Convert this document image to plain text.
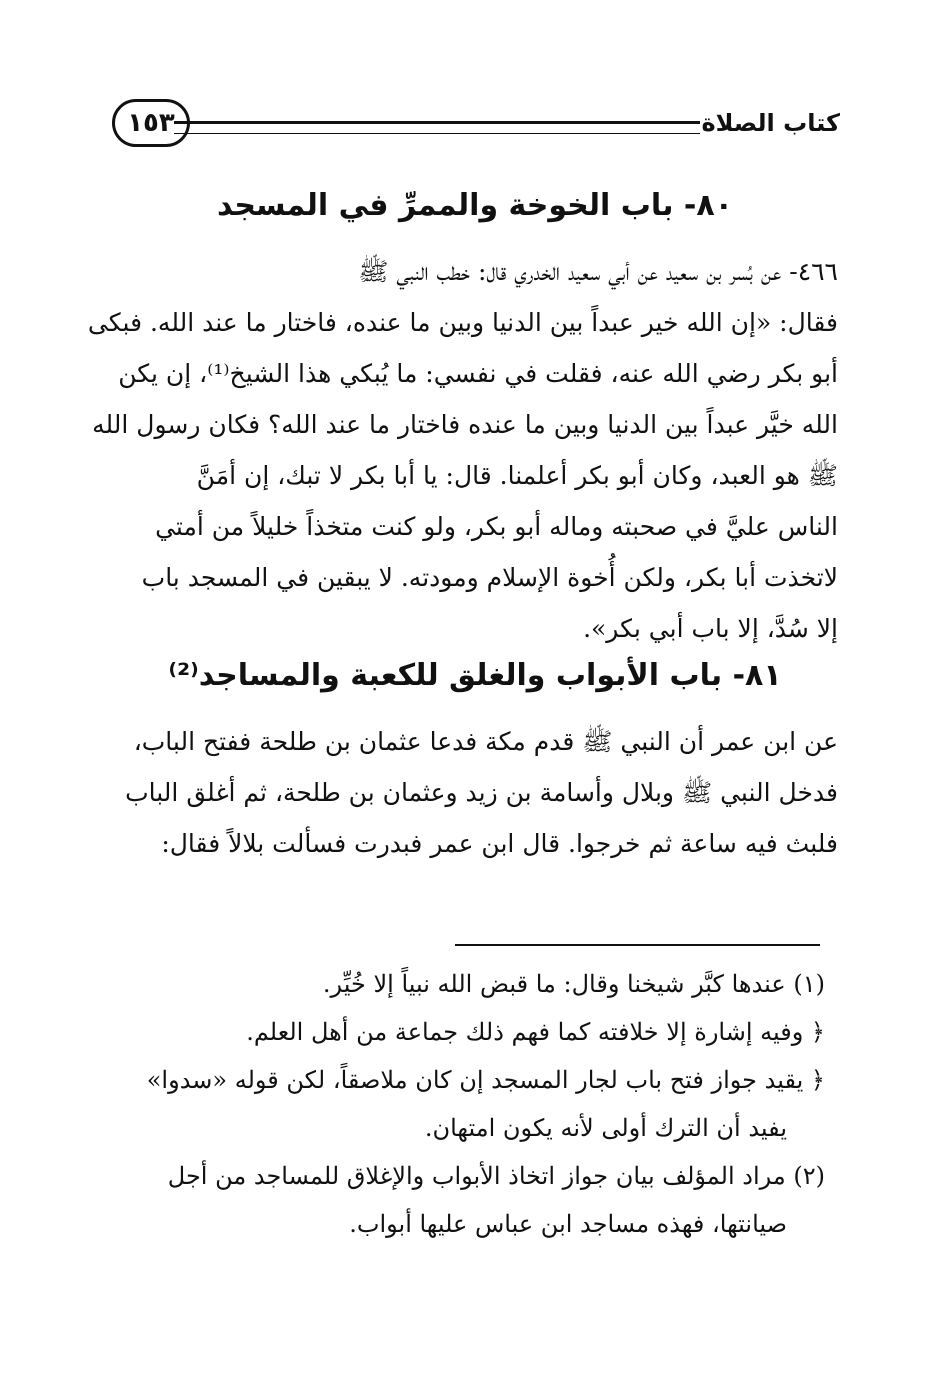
كتاب الصلاة
١٥٣
٨٠- باب الخوخة والممرِّ في المسجد

٤٦٦- عن بُسر بن سعيد عن أبي سعيد الخدري قال: خطب النبي ﷺ
فقال: «إن الله خير عبداً بين الدنيا وبين ما عنده، فاختار ما عند الله. فبكى
أبو بكر رضي الله عنه، فقلت في نفسي: ما يُبكي هذا الشيخ⁽¹⁾، إن يكن
الله خيَّر عبداً بين الدنيا وبين ما عنده فاختار ما عند الله؟ فكان رسول الله
ﷺ هو العبد، وكان أبو بكر أعلمنا. قال: يا أبا بكر لا تبك، إن أمَنَّ
الناس عليَّ في صحبته وماله أبو بكر، ولو كنت متخذاً خليلاً من أمتي
لاتخذت أبا بكر، ولكن أُخوة الإسلام ومودته. لا يبقين في المسجد باب
إلا سُدَّ، إلا باب أبي بكر».

٨١- باب الأبواب والغلق للكعبة والمساجد⁽²⁾

عن ابن عمر أن النبي ﷺ قدم مكة فدعا عثمان بن طلحة ففتح الباب،
فدخل النبي ﷺ وبلال وأسامة بن زيد وعثمان بن طلحة، ثم أغلق الباب
فلبث فيه ساعة ثم خرجوا. قال ابن عمر فبدرت فسألت بلالاً فقال:

(١) عندها كبَّر شيخنا وقال: ما قبض الله نبياً إلا خُيِّر.
﴿ وفيه إشارة إلا خلافته كما فهم ذلك جماعة من أهل العلم.
﴿ يقيد جواز فتح باب لجار المسجد إن كان ملاصقاً، لكن قوله «سدوا»
يفيد أن الترك أولى لأنه يكون امتهان.
(٢) مراد المؤلف بيان جواز اتخاذ الأبواب والإغلاق للمساجد من أجل
صيانتها، فهذه مساجد ابن عباس عليها أبواب.
